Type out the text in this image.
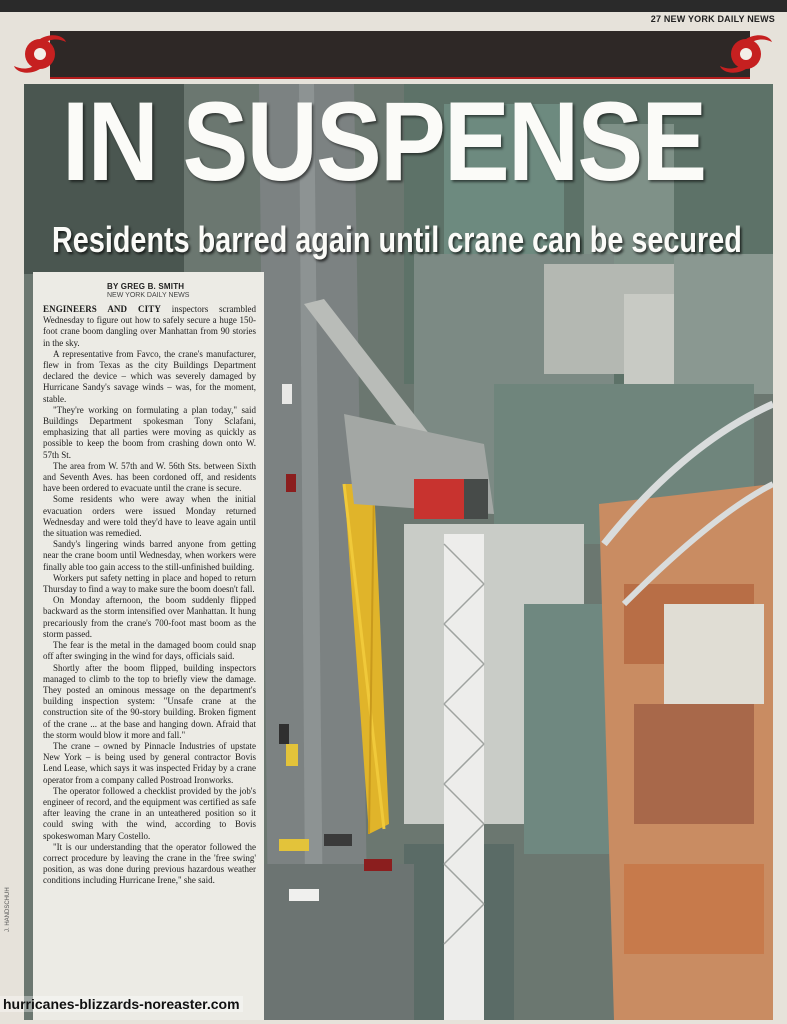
27 NEW YORK DAILY NEWS
IN SUSPENSE
Residents barred again until crane can be secured
BY GREG B. SMITH
NEW YORK DAILY NEWS

ENGINEERS AND CITY inspectors scrambled Wednesday to figure out how to safely secure a huge 150-foot crane boom dangling over Manhattan from 90 stories in the sky.

A representative from Favco, the crane's manufacturer, flew in from Texas as the city Buildings Department declared the device – which was severely damaged by Hurricane Sandy's savage winds – was, for the moment, stable.

"They're working on formulating a plan today," said Buildings Department spokesman Tony Sclafani, emphasizing that all parties were moving as quickly as possible to keep the boom from crashing down onto W. 57th St.

The area from W. 57th and W. 56th Sts. between Sixth and Seventh Aves. has been cordoned off, and residents have been ordered to evacuate until the crane is secure.

Some residents who were away when the initial evacuation orders were issued Monday returned Wednesday and were told they'd have to leave again until the situation was remedied.

Sandy's lingering winds barred anyone from getting near the crane boom until Wednesday, when workers were finally able too gain access to the still-unfinished building.

Workers put safety netting in place and hoped to return Thursday to find a way to make sure the boom doesn't fall.

On Monday afternoon, the boom suddenly flipped backward as the storm intensified over Manhattan. It hung precariously from the crane's 700-foot mast boom as the storm passed.

The fear is the metal in the damaged boom could snap off after swinging in the wind for days, officials said.

Shortly after the boom flipped, building inspectors managed to climb to the top to briefly view the damage. They posted an ominous message on the department's building inspection system: "Unsafe crane at the construction site of the 90-story building. Broken figment of the crane ... at the base and hanging down. Afraid that the storm would blow it more and fall."

The crane – owned by Pinnacle Industries of upstate New York – is being used by general contractor Bovis Lend Lease, which says it was inspected Friday by a crane operator from a company called Postroad Ironworks.

The operator followed a checklist provided by the job's engineer of record, and the equipment was certified as safe after leaving the crane in an unteathered position so it could swing with the wind, according to Bovis spokeswoman Mary Costello.

"It is our understanding that the operator followed the correct procedure by leaving the crane in the 'free swing' position, as was done during previous hazardous weather conditions including Hurricane Irene," she said.

J. HANDSCHUH
hurricanes-blizzards-noreaster.com
